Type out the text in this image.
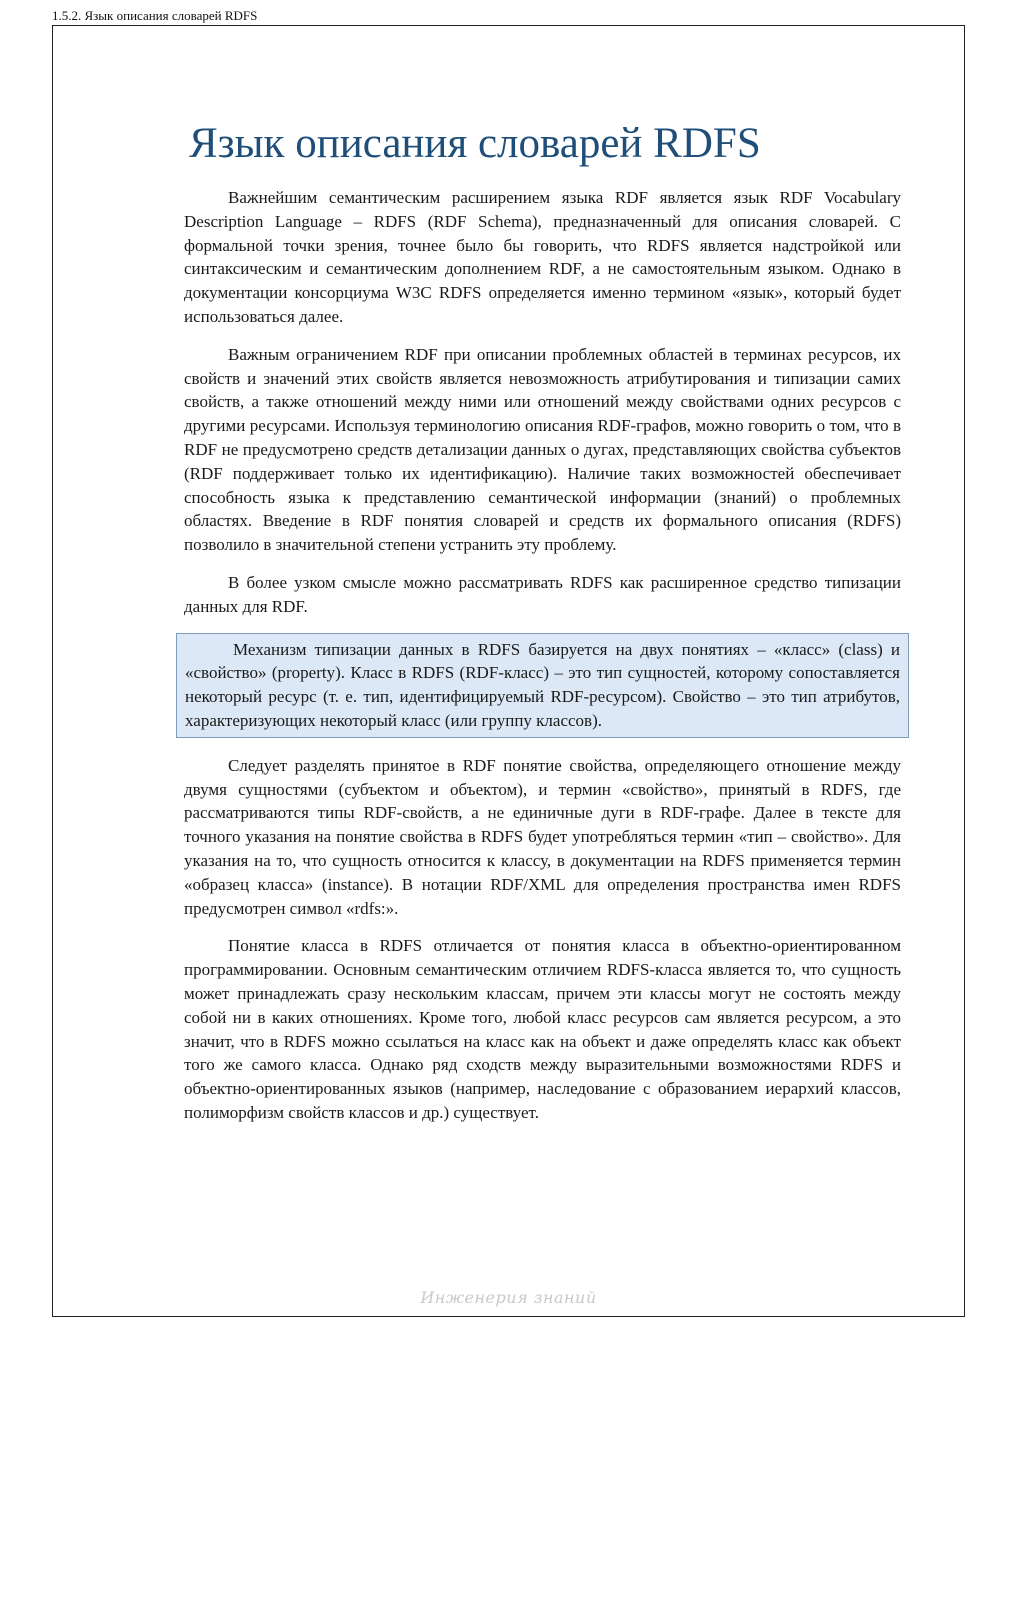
1.5.2. Язык описания словарей RDFS
Язык описания словарей RDFS

Важнейшим семантическим расширением языка RDF является язык RDF Vocabulary Description Language – RDFS (RDF Schema), предназначенный для описания словарей. С формальной точки зрения, точнее было бы говорить, что RDFS является надстройкой или синтаксическим и семантическим дополнением RDF, а не самостоятельным языком. Однако в документации консорциума W3C RDFS определяется именно термином «язык», который будет использоваться далее.

Важным ограничением RDF при описании проблемных областей в терминах ресурсов, их свойств и значений этих свойств является невозможность атрибутирования и типизации самих свойств, а также отношений между ними или отношений между свойствами одних ресурсов с другими ресурсами. Используя терминологию описания RDF-графов, можно говорить о том, что в RDF не предусмотрено средств детализации данных о дугах, представляющих свойства субъектов (RDF поддерживает только их идентификацию). Наличие таких возможностей обеспечивает способность языка к представлению семантической информации (знаний) о проблемных областях. Введение в RDF понятия словарей и средств их формального описания (RDFS) позволило в значительной степени устранить эту проблему.

В более узком смысле можно рассматривать RDFS как расширенное средство типизации данных для RDF.

Механизм типизации данных в RDFS базируется на двух понятиях – «класс» (class) и «свойство» (property). Класс в RDFS (RDF-класс) – это тип сущностей, которому сопоставляется некоторый ресурс (т. е. тип, идентифицируемый RDF-ресурсом). Свойство – это тип атрибутов, характеризующих некоторый класс (или группу классов).

Следует разделять принятое в RDF понятие свойства, определяющего отношение между двумя сущностями (субъектом и объектом), и термин «свойство», принятый в RDFS, где рассматриваются типы RDF-свойств, а не единичные дуги в RDF-графе. Далее в тексте для точного указания на понятие свойства в RDFS будет употребляться термин «тип – свойство». Для указания на то, что сущность относится к классу, в документации на RDFS применяется термин «образец класса» (instance). В нотации RDF/XML для определения пространства имен RDFS предусмотрен символ «rdfs:».

Понятие класса в RDFS отличается от понятия класса в объектно-ориентированном программировании. Основным семантическим отличием RDFS-класса является то, что сущность может принадлежать сразу нескольким классам, причем эти классы могут не состоять между собой ни в каких отношениях. Кроме того, любой класс ресурсов сам является ресурсом, а это значит, что в RDFS можно ссылаться на класс как на объект и даже определять класс как объект того же самого класса. Однако ряд сходств между выразительными возможностями RDFS и объектно-ориентированных языков (например, наследование с образованием иерархий классов, полиморфизм свойств классов и др.) существует.

Инженерия знаний
